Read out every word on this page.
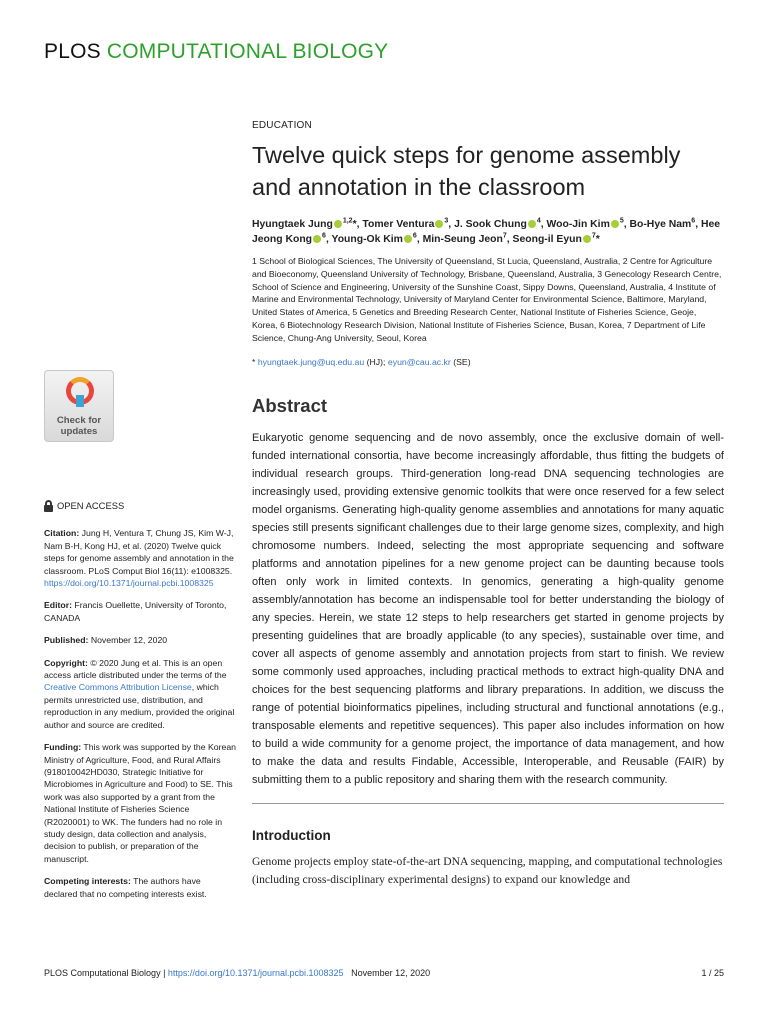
PLOS COMPUTATIONAL BIOLOGY
Check for
updates
EDUCATION
Twelve quick steps for genome assembly and annotation in the classroom
Hyungtaek Jung $^{1,2}$*, Tomer Ventura $^3$, J. Sook Chung $^4$, Woo-Jin Kim $^5$, Bo-Hye Nam$^6$, Hee Jeong Kong $^6$, Young-Ok Kim $^6$, Min-Seung Jeon$^7$, Seong-il Eyun $^7$*
1 School of Biological Sciences, The University of Queensland, St Lucia, Queensland, Australia, 2 Centre for Agriculture and Bioeconomy, Queensland University of Technology, Brisbane, Queensland, Australia, 3 Genecology Research Centre, School of Science and Engineering, University of the Sunshine Coast, Sippy Downs, Queensland, Australia, 4 Institute of Marine and Environmental Technology, University of Maryland Center for Environmental Science, Baltimore, Maryland, United States of America, 5 Genetics and Breeding Research Center, National Institute of Fisheries Science, Geoje, Korea, 6 Biotechnology Research Division, National Institute of Fisheries Science, Busan, Korea, 7 Department of Life Science, Chung-Ang University, Seoul, Korea
* hyungtaek.jung@uq.edu.au (HJ); eyun@cau.ac.kr (SE)
Abstract

Eukaryotic genome sequencing and de novo assembly, once the exclusive domain of well-funded international consortia, have become increasingly affordable, thus fitting the budgets of individual research groups. Third-generation long-read DNA sequencing technologies are increasingly used, providing extensive genomic toolkits that were once reserved for a few select model organisms. Generating high-quality genome assemblies and annotations for many aquatic species still presents significant challenges due to their large genome sizes, complexity, and high chromosome numbers. Indeed, selecting the most appropriate sequencing and software platforms and annotation pipelines for a new genome project can be daunting because tools often only work in limited contexts. In genomics, generating a high-quality genome assembly/annotation has become an indispensable tool for better understanding the biology of any species. Herein, we state 12 steps to help researchers get started in genome projects by presenting guidelines that are broadly applicable (to any species), sustainable over time, and cover all aspects of genome assembly and annotation projects from start to finish. We review some commonly used approaches, including practical methods to extract high-quality DNA and choices for the best sequencing platforms and library preparations. In addition, we discuss the range of potential bioinformatics pipelines, including structural and functional annotations (e.g., transposable elements and repetitive sequences). This paper also includes information on how to build a wide community for a genome project, the importance of data management, and how to make the data and results Findable, Accessible, Interoperable, and Reusable (FAIR) by submitting them to a public repository and sharing them with the research community.

Introduction

Genome projects employ state-of-the-art DNA sequencing, mapping, and computational technologies (including cross-disciplinary experimental designs) to expand our knowledge and

OPEN ACCESS
Citation: Jung H, Ventura T, Chung JS, Kim W-J, Nam B-H, Kong HJ, et al. (2020) Twelve quick steps for genome assembly and annotation in the classroom. PLoS Comput Biol 16(11): e1008325. https://doi.org/10.1371/journal.pcbi.1008325
Editor: Francis Ouellette, University of Toronto, CANADA
Published: November 12, 2020
Copyright: © 2020 Jung et al. This is an open access article distributed under the terms of the Creative Commons Attribution License, which permits unrestricted use, distribution, and reproduction in any medium, provided the original author and source are credited.
Funding: This work was supported by the Korean Ministry of Agriculture, Food, and Rural Affairs (918010042HD030, Strategic Initiative for Microbiomes in Agriculture and Food) to SE. This work was also supported by a grant from the National Institute of Fisheries Science (R2020001) to WK. The funders had no role in study design, data collection and analysis, decision to publish, or preparation of the manuscript.
Competing interests: The authors have declared that no competing interests exist.
PLOS Computational Biology | https://doi.org/10.1371/journal.pcbi.1008325 November 12, 2020	1 / 25
